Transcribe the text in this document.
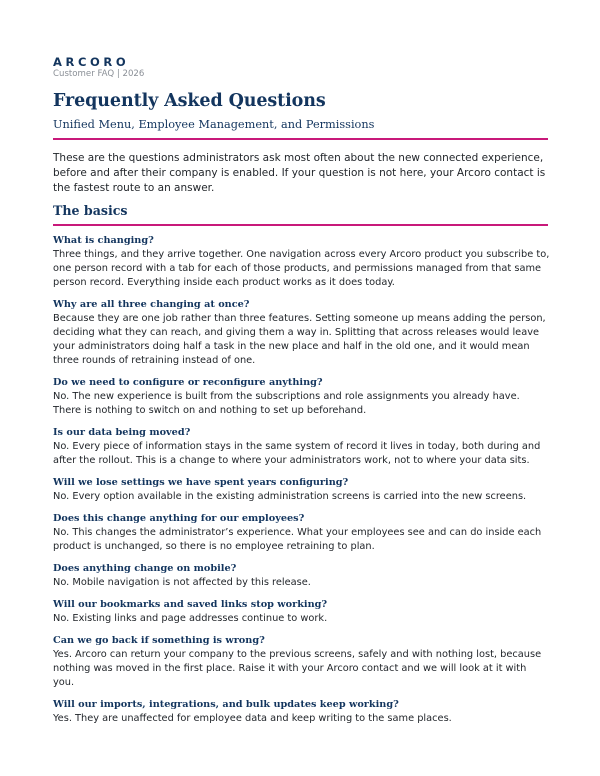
ARCORO
Customer FAQ | 2026
Frequently Asked Questions
Unified Menu, Employee Management, and Permissions

These are the questions administrators ask most often about the new connected experience, before and after their company is enabled. If your question is not here, your Arcoro contact is the fastest route to an answer.

The basics
What is changing?
Three things, and they arrive together. One navigation across every Arcoro product you subscribe to, one person record with a tab for each of those products, and permissions managed from that same person record. Everything inside each product works as it does today.
Why are all three changing at once?
Because they are one job rather than three features. Setting someone up means adding the person, deciding what they can reach, and giving them a way in. Splitting that across releases would leave your administrators doing half a task in the new place and half in the old one, and it would mean three rounds of retraining instead of one.
Do we need to configure or reconfigure anything?
No. The new experience is built from the subscriptions and role assignments you already have. There is nothing to switch on and nothing to set up beforehand.
Is our data being moved?
No. Every piece of information stays in the same system of record it lives in today, both during and after the rollout. This is a change to where your administrators work, not to where your data sits.
Will we lose settings we have spent years configuring?
No. Every option available in the existing administration screens is carried into the new screens.
Does this change anything for our employees?
No. This changes the administrator’s experience. What your employees see and can do inside each product is unchanged, so there is no employee retraining to plan.
Does anything change on mobile?
No. Mobile navigation is not affected by this release.
Will our bookmarks and saved links stop working?
No. Existing links and page addresses continue to work.
Can we go back if something is wrong?
Yes. Arcoro can return your company to the previous screens, safely and with nothing lost, because nothing was moved in the first place. Raise it with your Arcoro contact and we will look at it with you.
Will our imports, integrations, and bulk updates keep working?
Yes. They are unaffected for employee data and keep writing to the same places.
